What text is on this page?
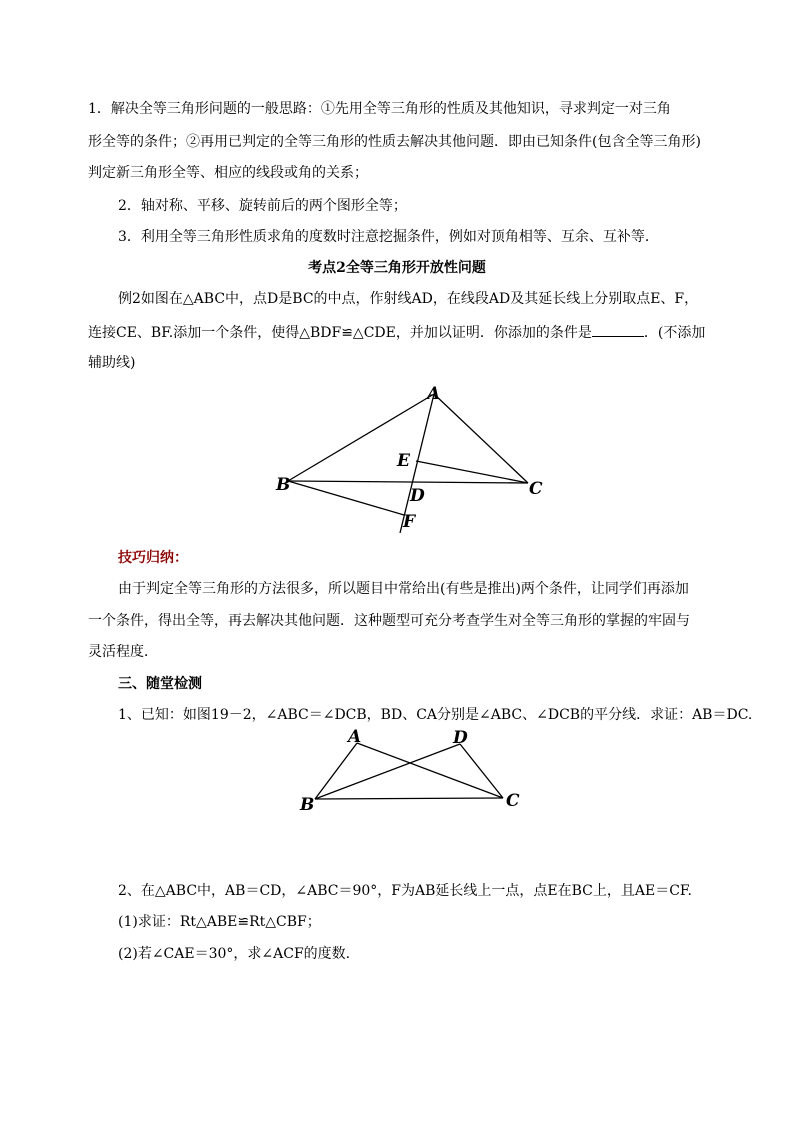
1．解决全等三角形问题的一般思路：①先用全等三角形的性质及其他知识，寻求判定一对三角
形全等的条件；②再用已判定的全等三角形的性质去解决其他问题．即由已知条件(包含全等三角形)
判定新三角形全等、相应的线段或角的关系；
2．轴对称、平移、旋转前后的两个图形全等；
3．利用全等三角形性质求角的度数时注意挖掘条件，例如对顶角相等、互余、互补等．
考点2全等三角形开放性问题
例2如图在△ABC中，点D是BC的中点，作射线AD，在线段AD及其延长线上分别取点E、F，
连接CE、BF.添加一个条件，使得△BDF≌△CDE，并加以证明．你添加的条件是	．(不添加
辅助线)
A
B	C
D
E
F
技巧归纳：
由于判定全等三角形的方法很多，所以题目中常给出(有些是推出)两个条件，让同学们再添加
一个条件，得出全等，再去解决其他问题．这种题型可充分考查学生对全等三角形的掌握的牢固与
灵活程度．
三、随堂检测
1、已知：如图19－2，∠ABC＝∠DCB，BD、CA分别是∠ABC、∠DCB的平分线．求证：AB＝DC.
A
B	C
D
2、在△ABC中，AB＝CD，∠ABC＝90°，F为AB延长线上一点，点E在BC上，且AE＝CF.
(1)求证：Rt△ABE≌Rt△CBF；
(2)若∠CAE＝30°，求∠ACF的度数.
